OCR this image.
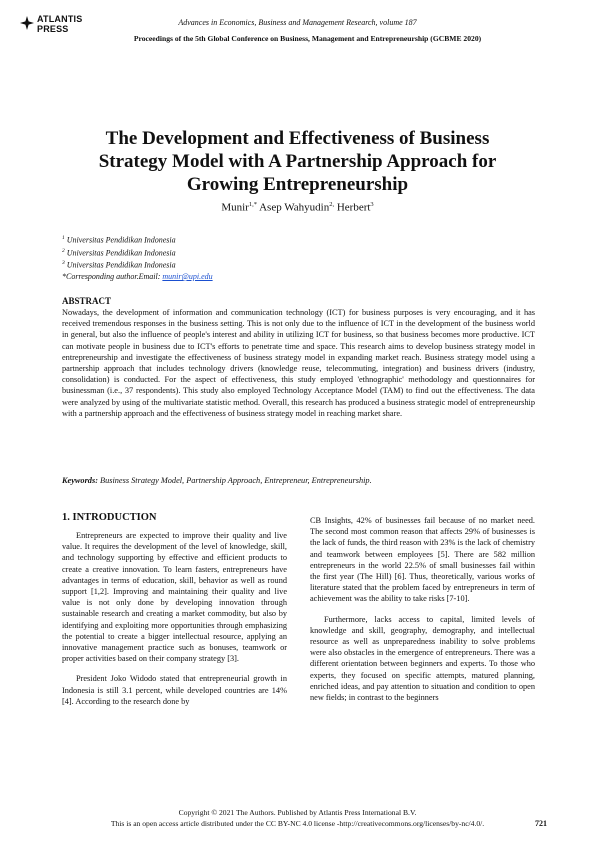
ATLANTIS
PRESS
Advances in Economics, Business and Management Research, volume 187
Proceedings of the 5th Global Conference on Business, Management and Entrepreneurship (GCBME 2020)
The Development and Effectiveness of Business
Strategy Model with A Partnership Approach for
Growing Entrepreneurship
Munir$^{1,*}$ Asep Wahyudin$^{2,}$ Herbert$^3$
$^1$ Universitas Pendidikan Indonesia
$^2$ Universitas Pendidikan Indonesia
$^3$ Universitas Pendidikan Indonesia
*Corresponding author.Email: munir@upi.edu
ABSTRACT
Nowadays, the development of information and communication technology (ICT) for business purposes is very encouraging, and it has received tremendous responses in the business setting. This is not only due to the influence of ICT in the development of the business world in general, but also the influence of people's interest and ability in utilizing ICT for business, so that business becomes more productive. ICT can motivate people in business due to ICT's efforts to penetrate time and space. This research aims to develop business strategy model in entrepreneurship and investigate the effectiveness of business strategy model in expanding market reach. Business strategy model using a partnership approach that includes technology drivers (knowledge reuse, telecommuting, integration) and business drivers (industry, consolidation) is conducted. For the aspect of effectiveness, this study employed 'ethnographic' methodology and questionnaires for businessman (i.e., 37 respondents). This study also employed Technology Acceptance Model (TAM) to find out the effectiveness. The data were analyzed by using of the multivariate statistic method. Overall, this research has produced a business strategic model of entrepreneurship with a partnership approach and the effectiveness of business strategy model in reaching market share.
Keywords: Business Strategy Model, Partnership Approach, Entrepreneur, Entrepreneurship.
1. INTRODUCTION

Entrepreneurs are expected to improve their quality and live value. It requires the development of the level of knowledge, skill, and technology supporting by effective and efficient products to create a creative innovation. To learn fasters, entrepreneurs have advantages in terms of education, skill, behavior as well as round support [1,2]. Improving and maintaining their quality and live value is not only done by developing innovation through sustainable research and creating a market commodity, but also by identifying and exploiting more opportunities through emphasizing the potential to create a bigger intellectual resource, applying an innovative management practice such as bonuses, teamwork or proper activities based on their company strategy [3].

President Joko Widodo stated that entrepreneurial growth in Indonesia is still 3.1 percent, while developed countries are 14% [4]. According to the research done by

CB Insights, 42% of businesses fail because of no market need. The second most common reason that affects 29% of businesses is the lack of funds, the third reason with 23% is the lack of chemistry and teamwork between employees [5]. There are 582 million entrepreneurs in the world 22.5% of small businesses fail within the first year (The Hill) [6]. Thus, theoretically, various works of literature stated that the problem faced by entrepreneurs in term of achievement was the ability to take risks [7-10].

Furthermore, lacks access to capital, limited levels of knowledge and skill, geography, demography, and intellectual resource as well as unpreparedness inability to solve problems were also obstacles in the emergence of entrepreneurs. There was a different orientation between beginners and experts. To those who experts, they focused on specific attempts, matured planning, enriched ideas, and pay attention to situation and condition to open new fields; in contrast to the beginners

Copyright © 2021 The Authors. Published by Atlantis Press International B.V.
This is an open access article distributed under the CC BY-NC 4.0 license -http://creativecommons.org/licenses/by-nc/4.0/.	721
